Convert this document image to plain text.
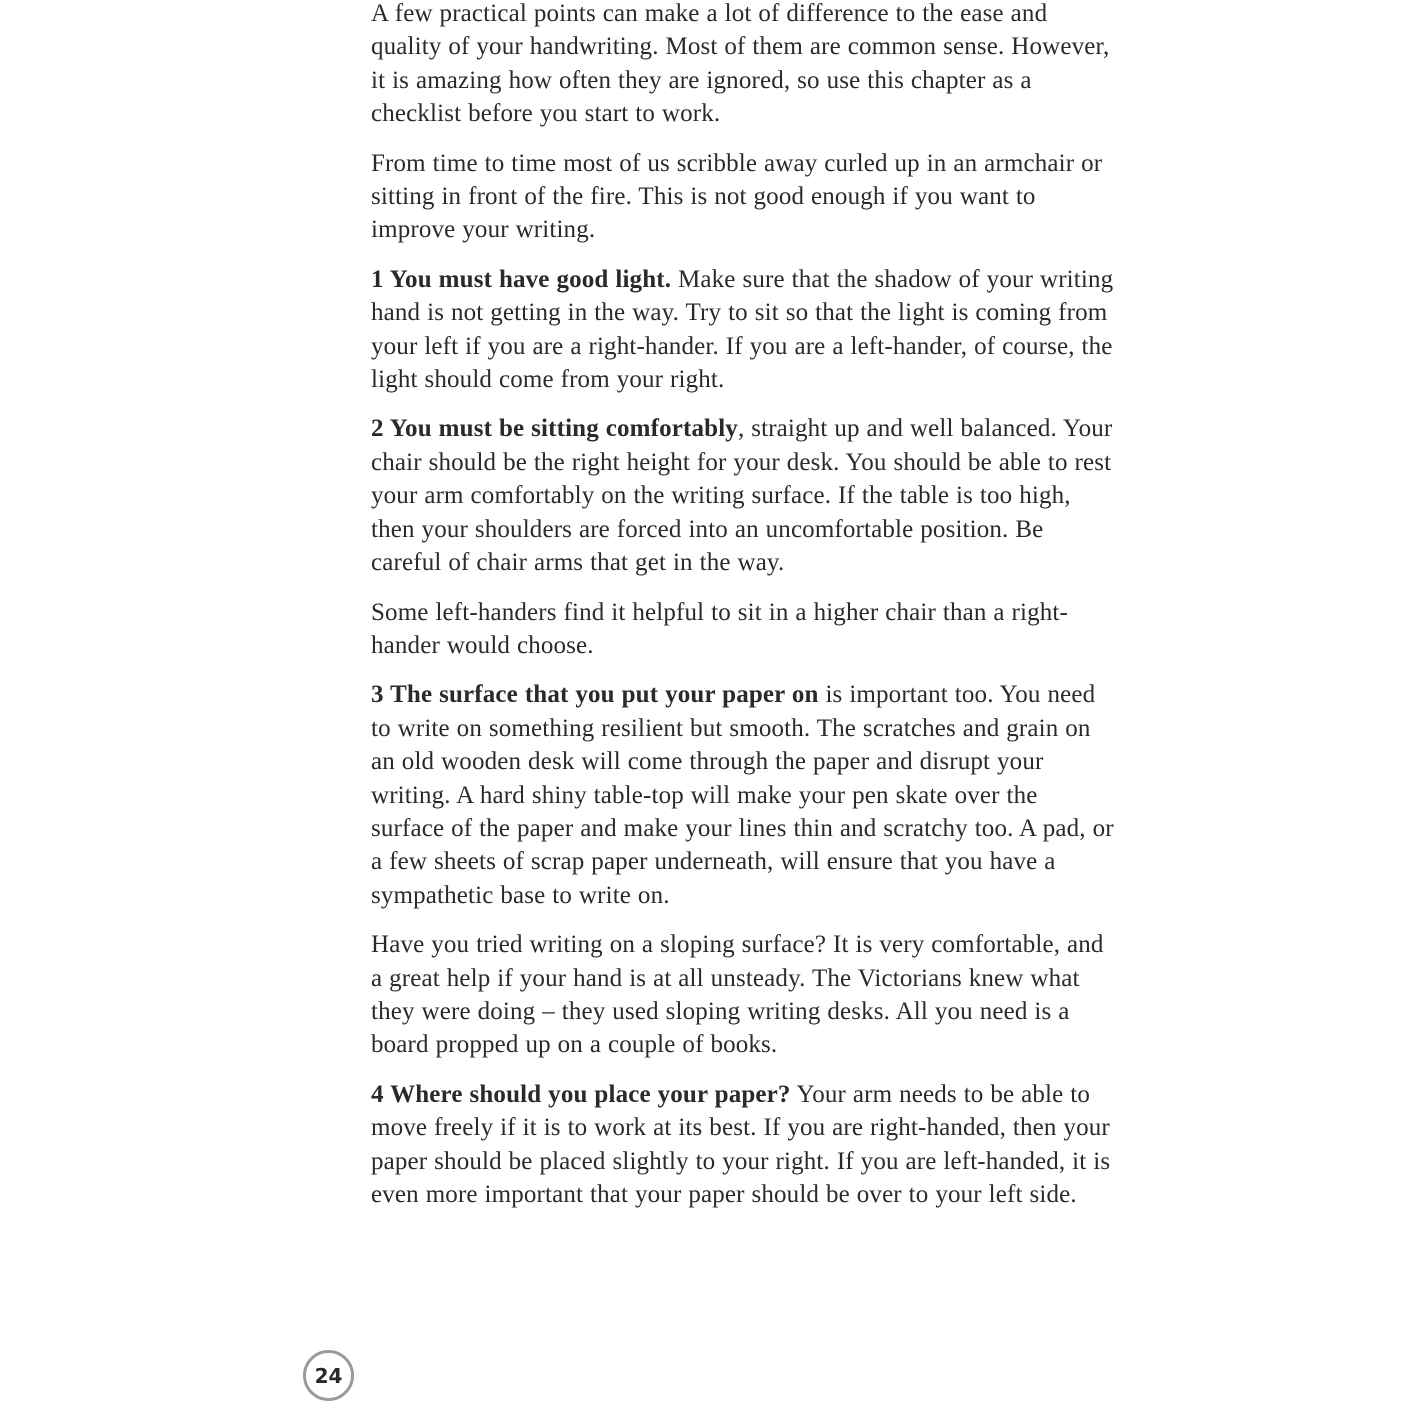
A few practical points can make a lot of difference to the ease and quality of your handwriting. Most of them are common sense. However, it is amazing how often they are ignored, so use this chapter as a checklist before you start to work.

From time to time most of us scribble away curled up in an armchair or sitting in front of the fire. This is not good enough if you want to improve your writing.

1 You must have good light. Make sure that the shadow of your writing hand is not getting in the way. Try to sit so that the light is coming from your left if you are a right-hander. If you are a left-hander, of course, the light should come from your right.

2 You must be sitting comfortably, straight up and well balanced. Your chair should be the right height for your desk. You should be able to rest your arm comfortably on the writing surface. If the table is too high, then your shoulders are forced into an uncomfortable position. Be careful of chair arms that get in the way.

Some left-handers find it helpful to sit in a higher chair than a right-hander would choose.

3 The surface that you put your paper on is important too. You need to write on something resilient but smooth. The scratches and grain on an old wooden desk will come through the paper and disrupt your writing. A hard shiny table-top will make your pen skate over the surface of the paper and make your lines thin and scratchy too. A pad, or a few sheets of scrap paper underneath, will ensure that you have a sympathetic base to write on.

Have you tried writing on a sloping surface? It is very comfortable, and a great help if your hand is at all unsteady. The Victorians knew what they were doing – they used sloping writing desks. All you need is a board propped up on a couple of books.

4 Where should you place your paper? Your arm needs to be able to move freely if it is to work at its best. If you are right-handed, then your paper should be placed slightly to your right. If you are left-handed, it is even more important that your paper should be over to your left side.

24
